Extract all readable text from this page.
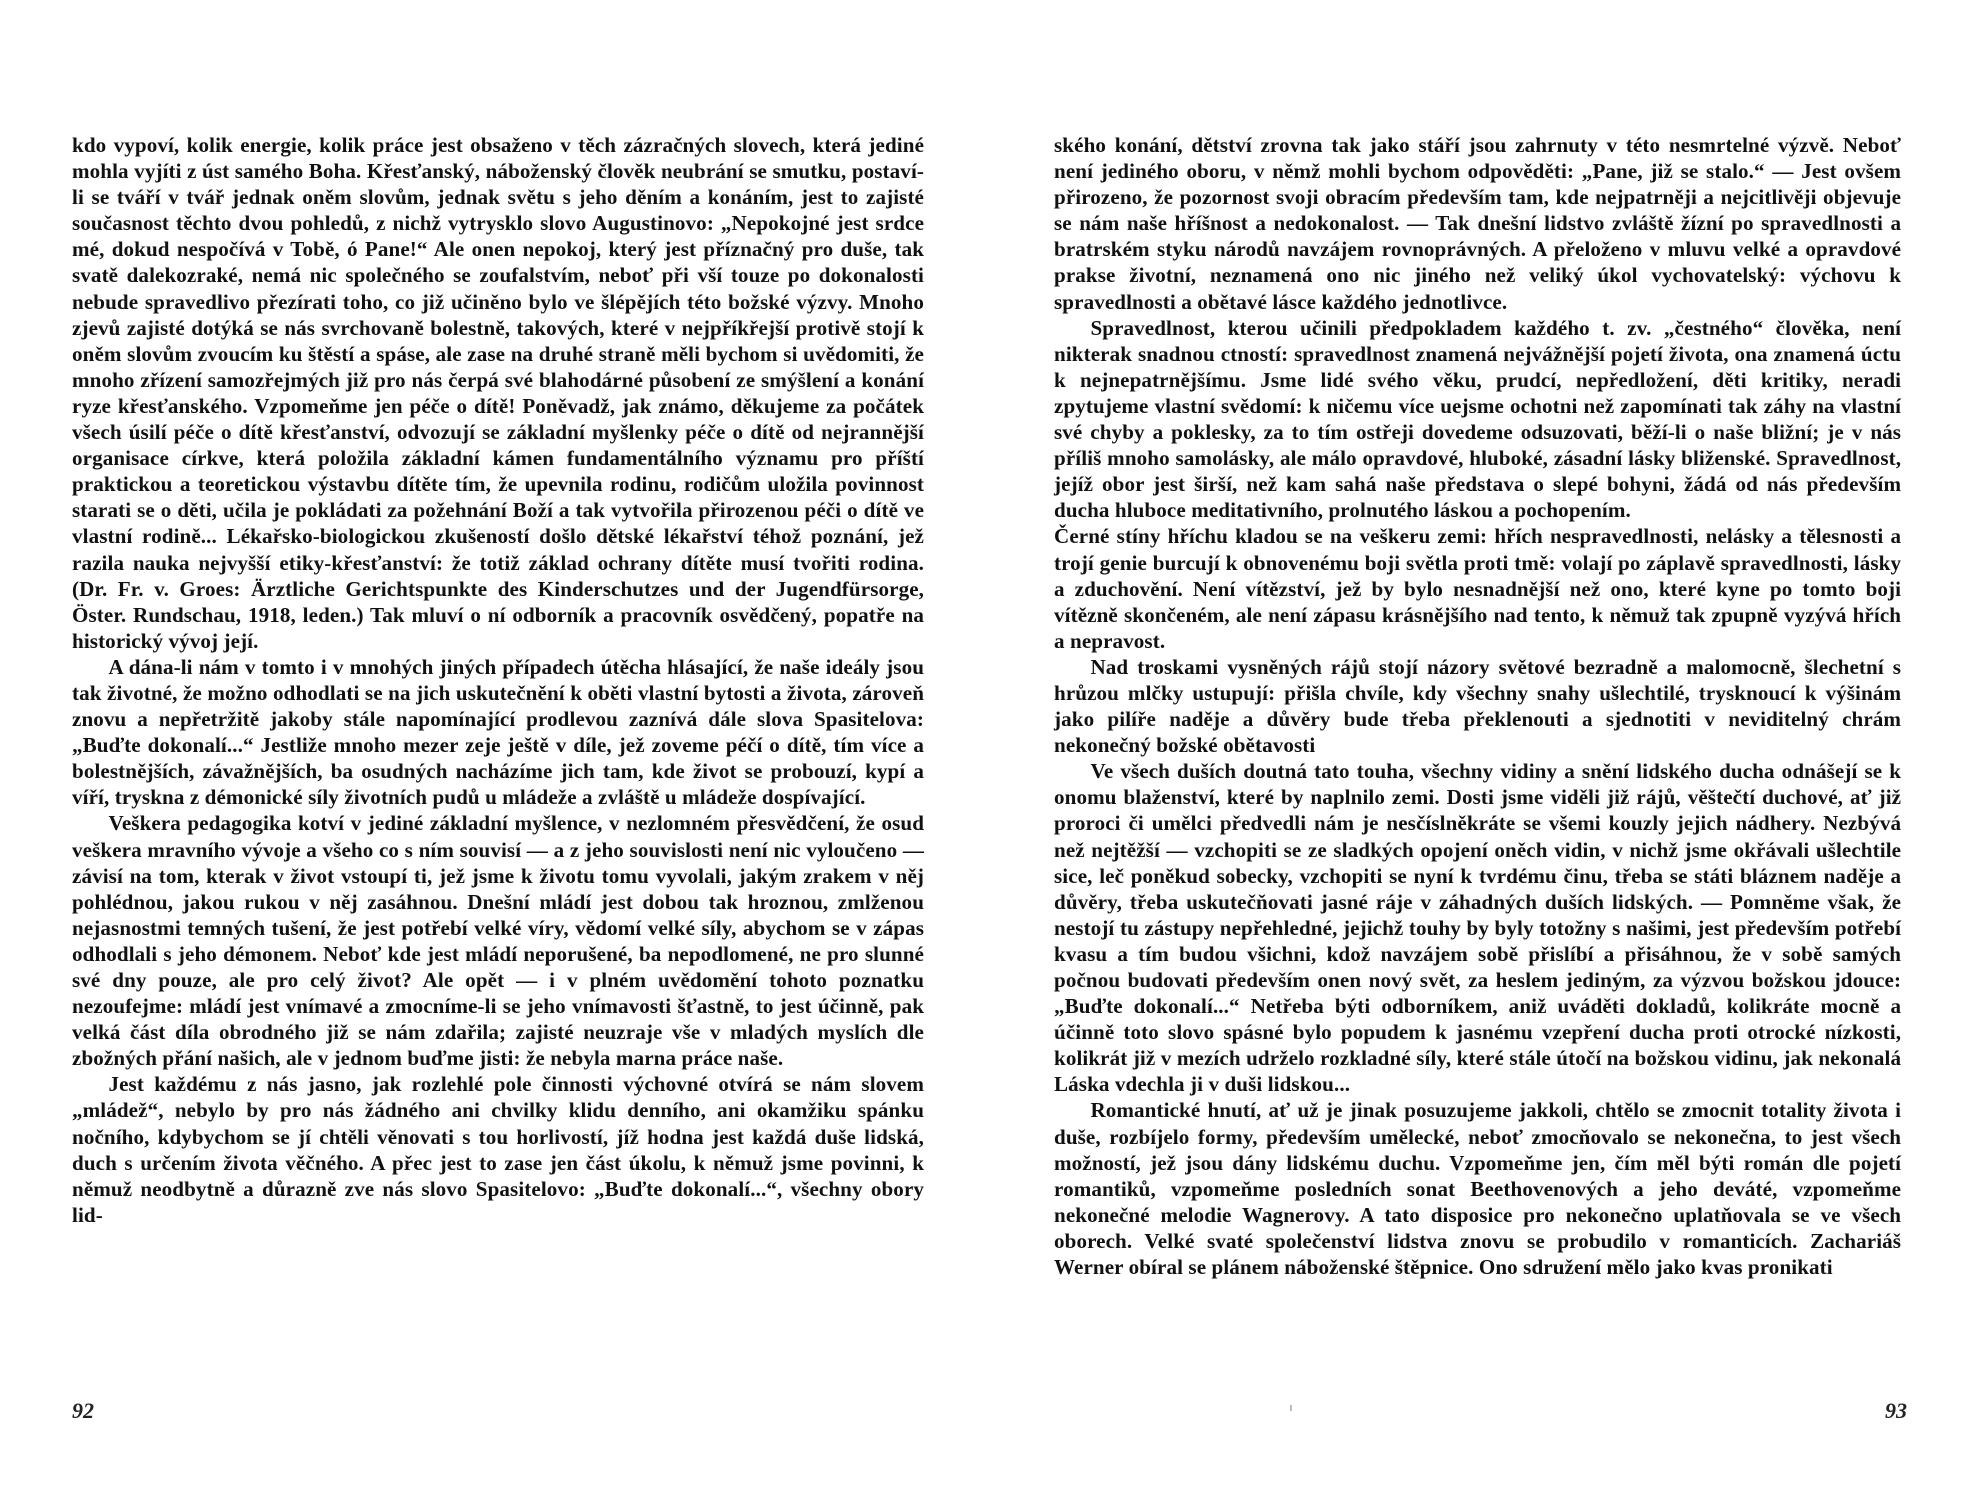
kdo vypoví, kolik energie, kolik práce jest obsaženo v těch zázračných slovech, která jediné mohla vyjíti z úst samého Boha. Křesťanský, náboženský člověk neubrání se smutku, postaví-li se tváří v tvář jednak oněm slovům, jednak světu s jeho děním a konáním, jest to zajisté současnost těchto dvou pohledů, z nichž vytrysklo slovo Augustinovo: „Nepokojné jest srdce mé, dokud nespočívá v Tobě, ó Pane!“ Ale onen nepokoj, který jest příznačný pro duše, tak svatě dalekozraké, nemá nic společného se zoufalstvím, neboť při vší touze po dokonalosti nebude spravedlivo přezírati toho, co již učiněno bylo ve šlépějích této božské výzvy. Mnoho zjevů zajisté dotýká se nás svrchovaně bolestně, takových, které v nejpříkřejší protivě stojí k oněm slovům zvoucím ku štěstí a spáse, ale zase na druhé straně měli bychom si uvědomiti, že mnoho zřízení samozřejmých již pro nás čerpá své blahodárné působení ze smýšlení a konání ryze křesťanského. Vzpomeňme jen péče o dítě! Poněvadž, jak známo, děkujeme za počátek všech úsilí péče o dítě křesťanství, odvozují se základní myšlenky péče o dítě od nejrannější organisace církve, která položila základní kámen fundamentálního významu pro příští praktickou a teoretickou výstavbu dítěte tím, že upevnila rodinu, rodičům uložila povinnost starati se o děti, učila je pokládati za požehnání Boží a tak vytvořila přirozenou péči o dítě ve vlastní rodině... Lékařsko-biologickou zkušeností došlo dětské lékařství téhož poznání, jež razila nauka nejvyšší etiky-křesťanství: že totiž základ ochrany dítěte musí tvořiti rodina. (Dr. Fr. v. Groes: Ärztliche Gerichtspunkte des Kinderschutzes und der Jugendfürsorge, Öster. Rundschau, 1918, leden.) Tak mluví o ní odborník a pracovník osvědčený, popatře na historický vývoj její.

A dána-li nám v tomto i v mnohých jiných případech útěcha hlásající, že naše ideály jsou tak životné, že možno odhodlati se na jich uskutečnění k oběti vlastní bytosti a života, zároveň znovu a nepřetržitě jakoby stále napomínající prodlevou zaznívá dále slova Spasitelova: „Buďte dokonalí...“ Jestliže mnoho mezer zeje ještě v díle, jež zoveme péčí o dítě, tím více a bolestnějších, závažnějších, ba osudných nacházíme jich tam, kde život se probouzí, kypí a víří, tryskna z démonické síly životních pudů u mládeže a zvláště u mládeže dospívající.

Veškera pedagogika kotví v jediné základní myšlence, v nezlomném přesvědčení, že osud veškera mravního vývoje a všeho co s ním souvisí — a z jeho souvislosti není nic vyloučeno — závisí na tom, kterak v život vstoupí ti, jež jsme k životu tomu vyvolali, jakým zrakem v něj pohlédnou, jakou rukou v něj zasáhnou. Dnešní mládí jest dobou tak hroznou, zmlženou nejasnostmi temných tušení, že jest potřebí velké víry, vědomí velké síly, abychom se v zápas odhodlali s jeho démonem. Neboť kde jest mládí neporušené, ba nepodlomené, ne pro slunné své dny pouze, ale pro celý život? Ale opět — i v plném uvědomění tohoto poznatku nezoufejme: mládí jest vnímavé a zmocníme-li se jeho vnímavosti šťastně, to jest účinně, pak velká část díla obrodného již se nám zdařila; zajisté neuzraje vše v mladých myslích dle zbožných přání našich, ale v jednom buďme jisti: že nebyla marna práce naše.

Jest každému z nás jasno, jak rozlehlé pole činnosti výchovné otvírá se nám slovem „mládež“, nebylo by pro nás žádného ani chvilky klidu denního, ani okamžiku spánku nočního, kdybychom se jí chtěli věnovati s tou horlivostí, jíž hodna jest každá duše lidská, duch s určením života věčného. A přec jest to zase jen část úkolu, k němuž jsme povinni, k němuž neodbytně a důrazně zve nás slovo Spasitelovo: „Buďte dokonalí...“, všechny obory lid-

ského konání, dětství zrovna tak jako stáří jsou zahrnuty v této nesmrtelné výzvě. Neboť není jediného oboru, v němž mohli bychom odpověděti: „Pane, již se stalo.“ — Jest ovšem přirozeno, že pozornost svoji obracím především tam, kde nejpatrněji a nejcitlivěji objevuje se nám naše hříšnost a nedokonalost. — Tak dnešní lidstvo zvláště žízní po spravedlnosti a bratrském styku národů navzájem rovnoprávných. A přeloženo v mluvu velké a opravdové prakse životní, neznamená ono nic jiného než veliký úkol vychovatelský: výchovu k spravedlnosti a obětavé lásce každého jednotlivce.

Spravedlnost, kterou učinili předpokladem každého t. zv. „čestného“ člověka, není nikterak snadnou ctností: spravedlnost znamená nejvážnější pojetí života, ona znamená úctu k nejnepatrnějšímu. Jsme lidé svého věku, prudcí, nepředložení, děti kritiky, neradi zpytujeme vlastní svědomí: k ničemu více uejsme ochotni než zapomínati tak záhy na vlastní své chyby a poklesky, za to tím ostřeji dovedeme odsuzovati, běží-li o naše bližní; je v nás příliš mnoho samolásky, ale málo opravdové, hluboké, zásadní lásky bliženské. Spravedlnost, jejíž obor jest širší, než kam sahá naše představa o slepé bohyni, žádá od nás především ducha hluboce meditativního, prolnutého láskou a pochopením.

Černé stíny hříchu kladou se na veškeru zemi: hřích nespravedlnosti, nelásky a tělesnosti a trojí genie burcují k obnovenému boji světla proti tmě: volají po záplavě spravedlnosti, lásky a zduchovění. Není vítězství, jež by bylo nesnadnější než ono, které kyne po tomto boji vítězně skončeném, ale není zápasu krásnějšího nad tento, k němuž tak zpupně vyzývá hřích a nepravost.

Nad troskami vysněných rájů stojí názory světové bezradně a malomocně, šlechetní s hrůzou mlčky ustupují: přišla chvíle, kdy všechny snahy ušlechtilé, trysknoucí k výšinám jako pilíře naděje a důvěry bude třeba překlenouti a sjednotiti v neviditelný chrám nekonečný božské obětavosti

Ve všech duších doutná tato touha, všechny vidiny a snění lidského ducha odnášejí se k onomu blaženství, které by naplnilo zemi. Dosti jsme viděli již rájů, věštečtí duchové, ať již proroci či umělci předvedli nám je nesčíslněkráte se všemi kouzly jejich nádhery. Nezbývá než nejtěžší — vzchopiti se ze sladkých opojení oněch vidin, v nichž jsme okřávali ušlechtile sice, leč poněkud sobecky, vzchopiti se nyní k tvrdému činu, třeba se státi bláznem naděje a důvěry, třeba uskutečňovati jasné ráje v záhadných duších lidských. — Pomněme však, že nestojí tu zástupy nepřehledné, jejichž touhy by byly totožny s našimi, jest především potřebí kvasu a tím budou všichni, kdož navzájem sobě přislíbí a přisáhnou, že v sobě samých počnou budovati především onen nový svět, za heslem jediným, za výzvou božskou jdouce: „Buďte dokonalí...“ Netřeba býti odborníkem, aniž uváděti dokladů, kolikráte mocně a účinně toto slovo spásné bylo popudem k jasnému vzepření ducha proti otrocké nízkosti, kolikrát již v mezích udrželo rozkladné síly, které stále útočí na božskou vidinu, jak nekonalá Láska vdechla ji v duši lidskou...

Romantické hnutí, ať už je jinak posuzujeme jakkoli, chtělo se zmocnit totality života i duše, rozbíjelo formy, především umělecké, neboť zmocňovalo se nekonečna, to jest všech možností, jež jsou dány lidskému duchu. Vzpomeňme jen, čím měl býti román dle pojetí romantiků, vzpomeňme posledních sonat Beethovenových a jeho deváté, vzpomeňme nekonečné melodie Wagnerovy. A tato disposice pro nekonečno uplatňovala se ve všech oborech. Velké svaté společenství lidstva znovu se probudilo v romanticích. Zachariáš Werner obíral se plánem náboženské štěpnice. Ono sdružení mělo jako kvas pronikati

92	93
